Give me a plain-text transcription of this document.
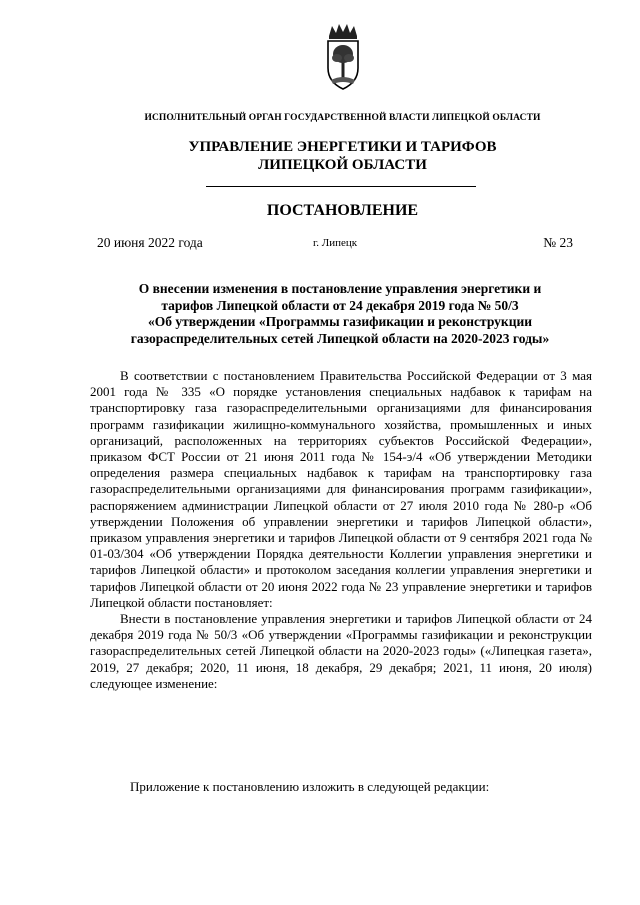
ИСПОЛНИТЕЛЬНЫЙ ОРГАН ГОСУДАРСТВЕННОЙ ВЛАСТИ ЛИПЕЦКОЙ ОБЛАСТИ
УПРАВЛЕНИЕ ЭНЕРГЕТИКИ И ТАРИФОВ
ЛИПЕЦКОЙ ОБЛАСТИ
ПОСТАНОВЛЕНИЕ
20 июня 2022 года	г. Липецк	№ 23
О внесении изменения в постановление управления энергетики и
тарифов Липецкой области от 24 декабря 2019 года № 50/3
«Об утверждении «Программы газификации и реконструкции
газораспределительных сетей Липецкой области на 2020-2023 годы»

В соответствии с постановлением Правительства Российской Федерации от 3 мая 2001 года № 335 «О порядке установления специальных надбавок к тарифам на транспортировку газа газораспределительными организациями для финансирования программ газификации жилищно-коммунального хозяйства, промышленных и иных организаций, расположенных на территориях субъектов Российской Федерации», приказом ФСТ России от 21 июня 2011 года № 154-э/4 «Об утверждении Методики определения размера специальных надбавок к тарифам на транспортировку газа газораспределительными организациями для финансирования программ газификации», распоряжением администрации Липецкой области от 27 июля 2010 года № 280-р «Об утверждении Положения об управлении энергетики и тарифов Липецкой области», приказом управления энергетики и тарифов Липецкой области от 9 сентября 2021 года № 01-03/304 «Об утверждении Порядка деятельности Коллегии управления энергетики и тарифов Липецкой области» и протоколом заседания коллегии управления энергетики и тарифов Липецкой области от 20 июня 2022 года № 23 управление энергетики и тарифов Липецкой области постановляет:

Внести в постановление управления энергетики и тарифов Липецкой области от 24 декабря 2019 года № 50/3 «Об утверждении «Программы газификации и реконструкции газораспределительных сетей Липецкой области на 2020-2023 годы» («Липецкая газета», 2019, 27 декабря; 2020, 11 июня, 18 декабря, 29 декабря; 2021, 11 июня, 20 июля) следующее изменение:

Приложение к постановлению изложить в следующей редакции:
